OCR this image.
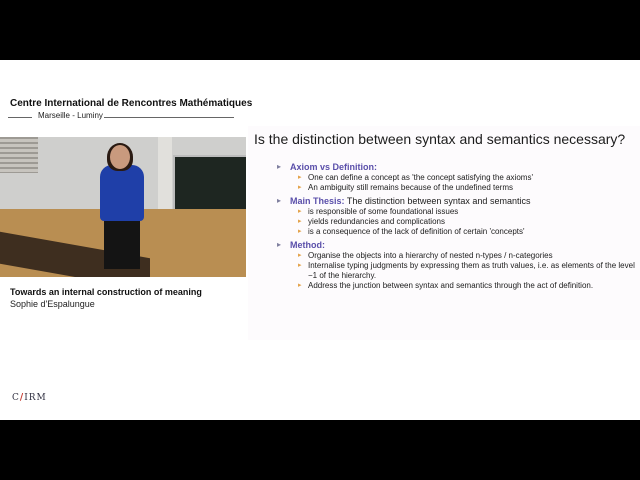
Centre International de Rencontres Mathématiques
Marseille - Luminy
Towards an internal construction of meaning
Sophie d'Espalungue
C/IRM
Is the distinction between syntax and semantics necessary?
▸ Axiom vs Definition:
▸ One can define a concept as 'the concept satisfying the axioms'
▸ An ambiguity still remains because of the undefined terms
▸ Main Thesis: The distinction between syntax and semantics
▸ is responsible of some foundational issues
▸ yields redundancies and complications
▸ is a consequence of the lack of definition of certain 'concepts'
▸ Method:
▸ Organise the objects into a hierarchy of nested n-types / n-categories
▸ Internalise typing judgments by expressing them as truth values, i.e. as elements of the level −1 of the hierarchy.
▸ Address the junction between syntax and semantics through the act of definition.
